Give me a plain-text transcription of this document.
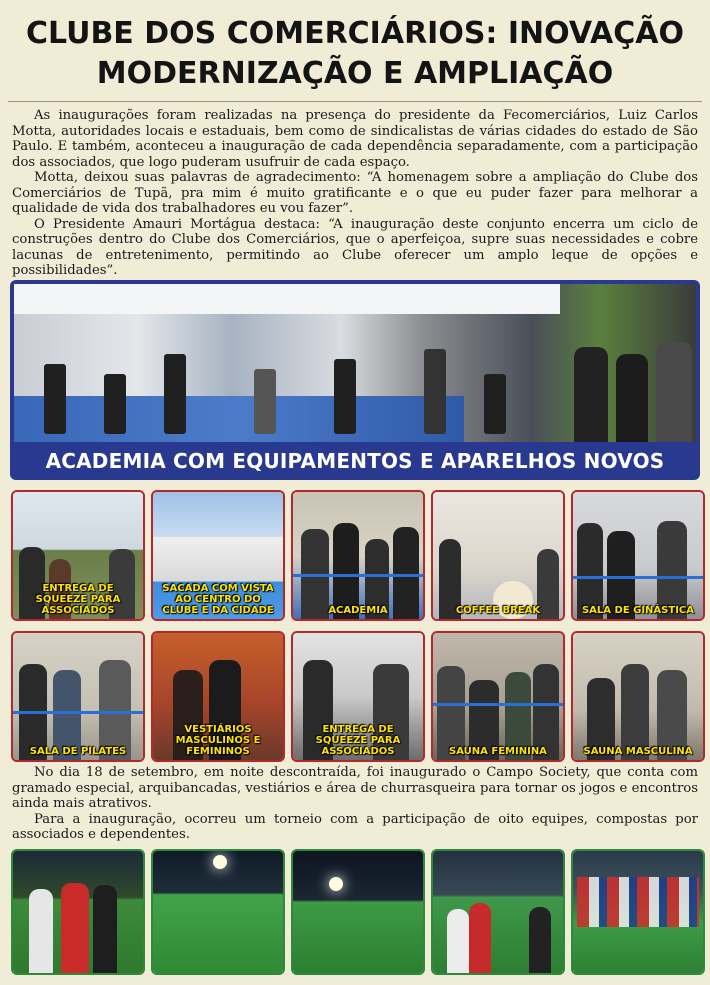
CLUBE DOS COMERCIÁRIOS: INOVAÇÃO
MODERNIZAÇÃO E AMPLIAÇÃO
As inaugurações foram realizadas na presença do presidente da Fecomerciários, Luiz Carlos Motta, autoridades locais e estaduais, bem como de sindicalistas de várias cidades do estado de São Paulo. E também, aconteceu a inauguração de cada dependência separadamente, com a participação dos associados, que logo puderam usufruir de cada espaço.
Motta, deixou suas palavras de agradecimento: “A homenagem sobre a ampliação do Clube dos Comerciários de Tupã, pra mim é muito gratificante e o que eu puder fazer para melhorar a qualidade de vida dos trabalhadores eu vou fazer”.
O Presidente Amauri Mortágua destaca: “A inauguração deste conjunto encerra um ciclo de construções dentro do Clube dos Comerciários, que o aperfeiçoa, supre suas necessidades e cobre lacunas de entretenimento, permitindo ao Clube oferecer um amplo leque de opções e possibilidades”.
ACADEMIA COM EQUIPAMENTOS E APARELHOS NOVOS
ENTREGA DE SQUEEZE PARA ASSOCIADOS
SACADA COM VISTA AO CENTRO DO CLUBE E DA CIDADE	ACADEMIA	COFFEE BREAK	SALA DE GINÁSTICA
SALA DE PILATES
VESTIÁRIOS MASCULINOS E FEMININOS
ENTREGA DE SQUEEZE PARA ASSOCIADOS	SAUNA FEMININA	SAUNA MASCULINA
No dia 18 de setembro, em noite descontraída, foi inaugurado o Campo Society, que conta com gramado especial, arquibancadas, vestiários e área de churrasqueira para tornar os jogos e encontros ainda mais atrativos.
Para a inauguração, ocorreu um torneio com a participação de oito equipes, compostas por associados e dependentes.
